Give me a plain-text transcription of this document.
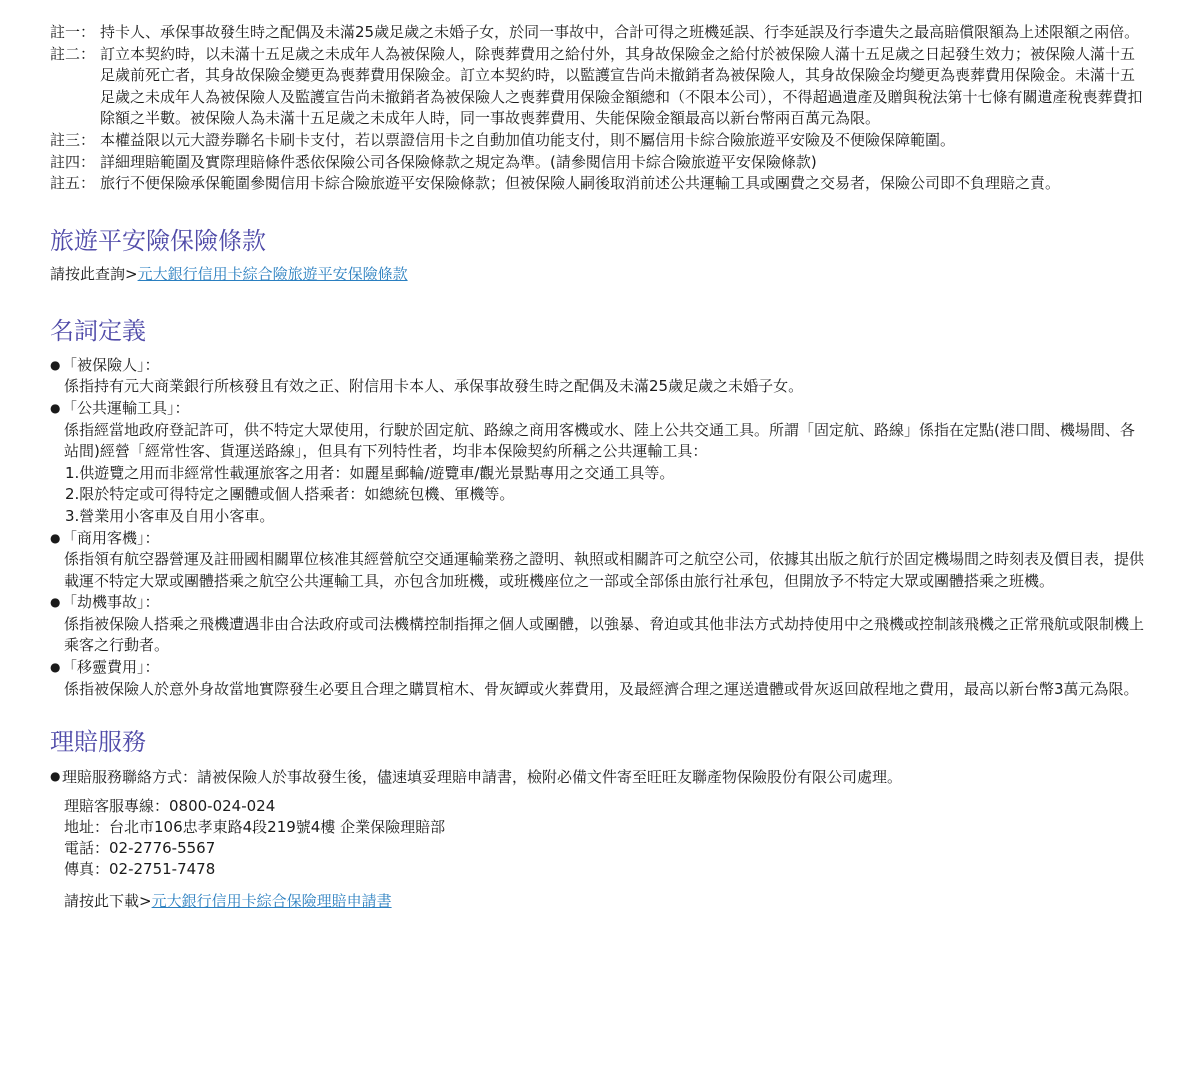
註一： 持卡人、承保事故發生時之配偶及未滿25歲足歲之未婚子女，於同一事故中，合計可得之班機延誤、行李延誤及行李遺失之最高賠償限額為上述限額之兩倍。
註二： 訂立本契約時，以未滿十五足歲之未成年人為被保險人，除喪葬費用之給付外，其身故保險金之給付於被保險人滿十五足歲之日起發生效力；被保險人滿十五足歲前死亡者，其身故保險金變更為喪葬費用保險金。訂立本契約時，以監護宣告尚未撤銷者為被保險人，其身故保險金均變更為喪葬費用保險金。未滿十五足歲之未成年人為被保險人及監護宣告尚未撤銷者為被保險人之喪葬費用保險金額總和（不限本公司），不得超過遺產及贈與稅法第十七條有關遺產稅喪葬費扣除額之半數。被保險人為未滿十五足歲之未成年人時，同一事故喪葬費用、失能保險金額最高以新台幣兩百萬元為限。
註三： 本權益限以元大證券聯名卡刷卡支付，若以票證信用卡之自動加值功能支付，則不屬信用卡綜合險旅遊平安險及不便險保障範圍。
註四： 詳細理賠範圍及實際理賠條件悉依保險公司各保險條款之規定為準。(請參閱信用卡綜合險旅遊平安保險條款)
註五： 旅行不便保險承保範圍參閱信用卡綜合險旅遊平安保險條款；但被保險人嗣後取消前述公共運輸工具或團費之交易者，保險公司即不負理賠之責。
旅遊平安險保險條款
請按此查詢>元大銀行信用卡綜合險旅遊平安保險條款
名詞定義
● 「被保險人」：
係指持有元大商業銀行所核發且有效之正、附信用卡本人、承保事故發生時之配偶及未滿25歲足歲之未婚子女。
● 「公共運輸工具」：
係指經當地政府登記許可，供不特定大眾使用，行駛於固定航、路線之商用客機或水、陸上公共交通工具。所謂「固定航、路線」係指在定點(港口間、機場間、各站間)經營「經常性客、貨運送路線」，但具有下列特性者，均非本保險契約所稱之公共運輸工具：
1.供遊覽之用而非經常性載運旅客之用者：如麗星郵輪/遊覽車/觀光景點專用之交通工具等。
2.限於特定或可得特定之團體或個人搭乘者：如總統包機、軍機等。
3.營業用小客車及自用小客車。
● 「商用客機」：
係指領有航空器營運及註冊國相關單位核准其經營航空交通運輸業務之證明、執照或相關許可之航空公司，依據其出版之航行於固定機場間之時刻表及價目表，提供載運不特定大眾或團體搭乘之航空公共運輸工具，亦包含加班機，或班機座位之一部或全部係由旅行社承包，但開放予不特定大眾或團體搭乘之班機。
● 「劫機事故」：
係指被保險人搭乘之飛機遭遇非由合法政府或司法機構控制指揮之個人或團體，以強暴、脅迫或其他非法方式劫持使用中之飛機或控制該飛機之正常飛航或限制機上乘客之行動者。
● 「移靈費用」：
係指被保險人於意外身故當地實際發生必要且合理之購買棺木、骨灰罈或火葬費用，及最經濟合理之運送遺體或骨灰返回啟程地之費用，最高以新台幣3萬元為限。
理賠服務
● 理賠服務聯絡方式：請被保險人於事故發生後，儘速填妥理賠申請書，檢附必備文件寄至旺旺友聯產物保險股份有限公司處理。
理賠客服專線：0800-024-024
地址：台北市106忠孝東路4段219號4樓 企業保險理賠部
電話：02-2776-5567
傳真：02-2751-7478
請按此下載>元大銀行信用卡綜合保險理賠申請書
